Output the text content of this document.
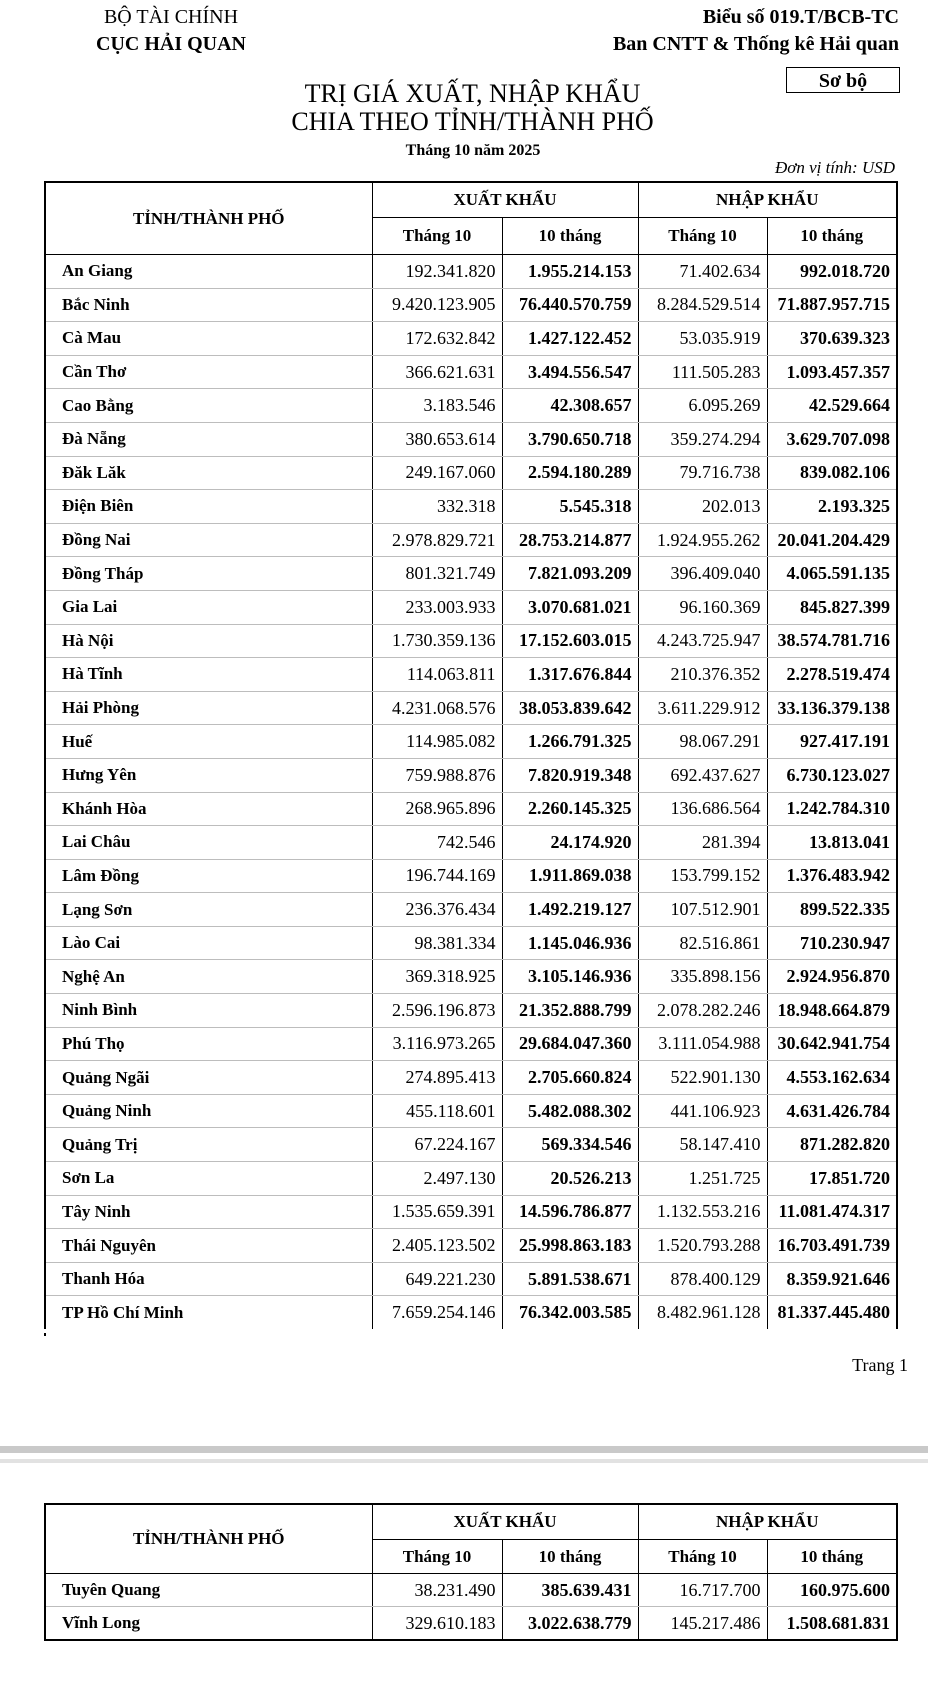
BỘ TÀI CHÍNH
CỤC HẢI QUAN
Biểu số 019.T/BCB-TC
Ban CNTT & Thống kê Hải quan
Sơ bộ
TRỊ GIÁ XUẤT, NHẬP KHẨU
CHIA THEO TỈNH/THÀNH PHỐ
Tháng 10 năm 2025
Đơn vị tính: USD
TỈNH/THÀNH PHỐ	XUẤT KHẨU		NHẬP KHẨU	
	Tháng 10	10 tháng	Tháng 10	10 tháng
An Giang	192.341.820	1.955.214.153	71.402.634	992.018.720
Bắc Ninh	9.420.123.905	76.440.570.759	8.284.529.514	71.887.957.715
Cà Mau	172.632.842	1.427.122.452	53.035.919	370.639.323
Cần Thơ	366.621.631	3.494.556.547	111.505.283	1.093.457.357
Cao Bằng	3.183.546	42.308.657	6.095.269	42.529.664
Đà Nẵng	380.653.614	3.790.650.718	359.274.294	3.629.707.098
Đăk Lăk	249.167.060	2.594.180.289	79.716.738	839.082.106
Điện Biên	332.318	5.545.318	202.013	2.193.325
Đồng Nai	2.978.829.721	28.753.214.877	1.924.955.262	20.041.204.429
Đồng Tháp	801.321.749	7.821.093.209	396.409.040	4.065.591.135
Gia Lai	233.003.933	3.070.681.021	96.160.369	845.827.399
Hà Nội	1.730.359.136	17.152.603.015	4.243.725.947	38.574.781.716
Hà Tĩnh	114.063.811	1.317.676.844	210.376.352	2.278.519.474
Hải Phòng	4.231.068.576	38.053.839.642	3.611.229.912	33.136.379.138
Huế	114.985.082	1.266.791.325	98.067.291	927.417.191
Hưng Yên	759.988.876	7.820.919.348	692.437.627	6.730.123.027
Khánh Hòa	268.965.896	2.260.145.325	136.686.564	1.242.784.310
Lai Châu	742.546	24.174.920	281.394	13.813.041
Lâm Đồng	196.744.169	1.911.869.038	153.799.152	1.376.483.942
Lạng Sơn	236.376.434	1.492.219.127	107.512.901	899.522.335
Lào Cai	98.381.334	1.145.046.936	82.516.861	710.230.947
Nghệ An	369.318.925	3.105.146.936	335.898.156	2.924.956.870
Ninh Bình	2.596.196.873	21.352.888.799	2.078.282.246	18.948.664.879
Phú Thọ	3.116.973.265	29.684.047.360	3.111.054.988	30.642.941.754
Quảng Ngãi	274.895.413	2.705.660.824	522.901.130	4.553.162.634
Quảng Ninh	455.118.601	5.482.088.302	441.106.923	4.631.426.784
Quảng Trị	67.224.167	569.334.546	58.147.410	871.282.820
Sơn La	2.497.130	20.526.213	1.251.725	17.851.720
Tây Ninh	1.535.659.391	14.596.786.877	1.132.553.216	11.081.474.317
Thái Nguyên	2.405.123.502	25.998.863.183	1.520.793.288	16.703.491.739
Thanh Hóa	649.221.230	5.891.538.671	878.400.129	8.359.921.646
TP Hồ Chí Minh	7.659.254.146	76.342.003.585	8.482.961.128	81.337.445.480
Trang 1
TỈNH/THÀNH PHỐ	XUẤT KHẨU		NHẬP KHẨU	
	Tháng 10	10 tháng	Tháng 10	10 tháng
Tuyên Quang	38.231.490	385.639.431	16.717.700	160.975.600
Vĩnh Long	329.610.183	3.022.638.779	145.217.486	1.508.681.831
